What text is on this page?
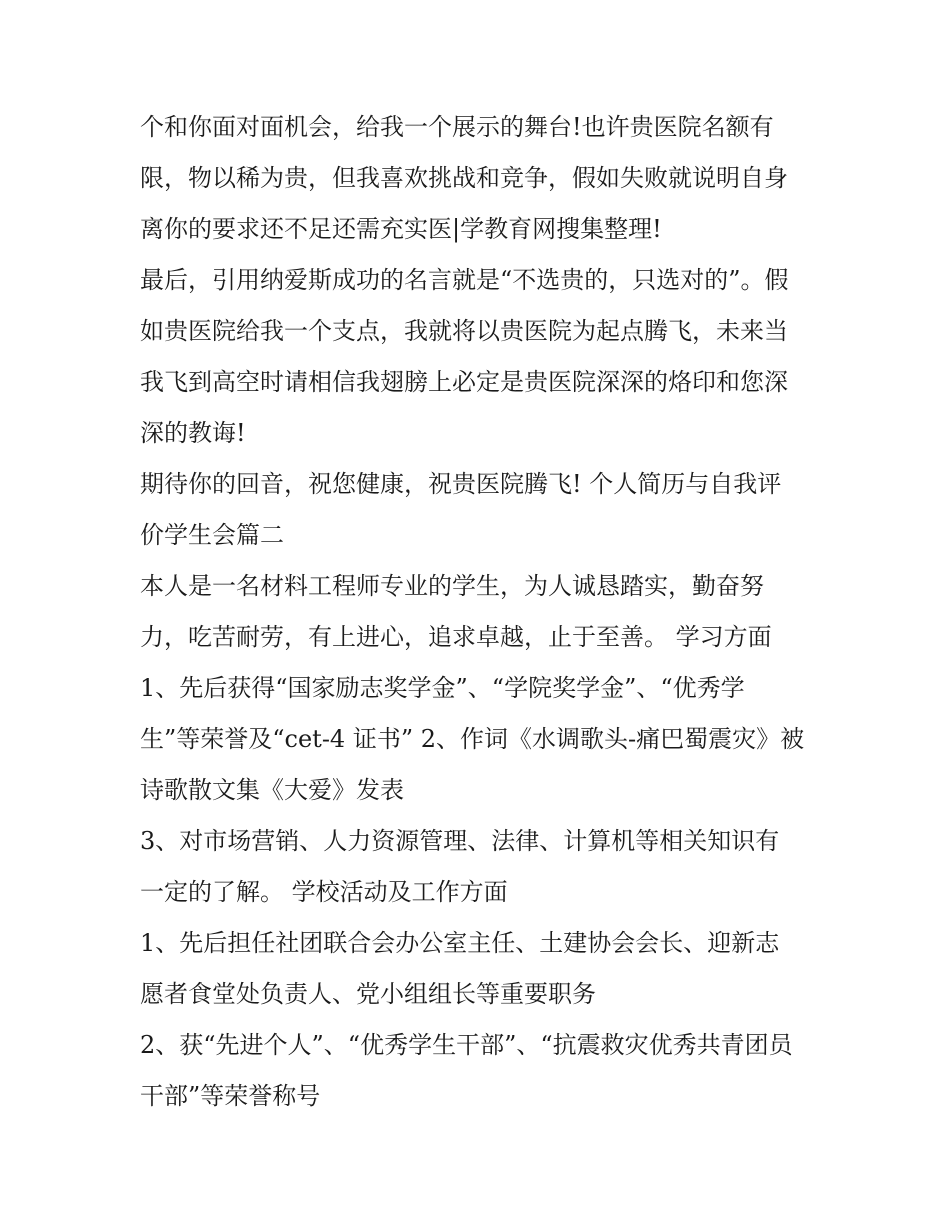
个和你面对面机会，给我一个展示的舞台!也许贵医院名额有
限，物以稀为贵，但我喜欢挑战和竞争，假如失败就说明自身
离你的要求还不足还需充实医|学教育网搜集整理!
最后，引用纳爱斯成功的名言就是“不选贵的，只选对的”。假
如贵医院给我一个支点，我就将以贵医院为起点腾飞，未来当
我飞到高空时请相信我翅膀上必定是贵医院深深的烙印和您深
深的教诲!
期待你的回音，祝您健康，祝贵医院腾飞! 个人简历与自我评
价学生会篇二
本人是一名材料工程师专业的学生，为人诚恳踏实，勤奋努
力，吃苦耐劳，有上进心，追求卓越，止于至善。 学习方面
1、先后获得“国家励志奖学金”、“学院奖学金”、“优秀学
生”等荣誉及“cet-4 证书” 2、作词《水调歌头-痛巴蜀震灾》被
诗歌散文集《大爱》发表
3、对市场营销、人力资源管理、法律、计算机等相关知识有
一定的了解。 学校活动及工作方面
1、先后担任社团联合会办公室主任、土建协会会长、迎新志
愿者食堂处负责人、党小组组长等重要职务
2、获“先进个人”、“优秀学生干部”、“抗震救灾优秀共青团员
干部”等荣誉称号
